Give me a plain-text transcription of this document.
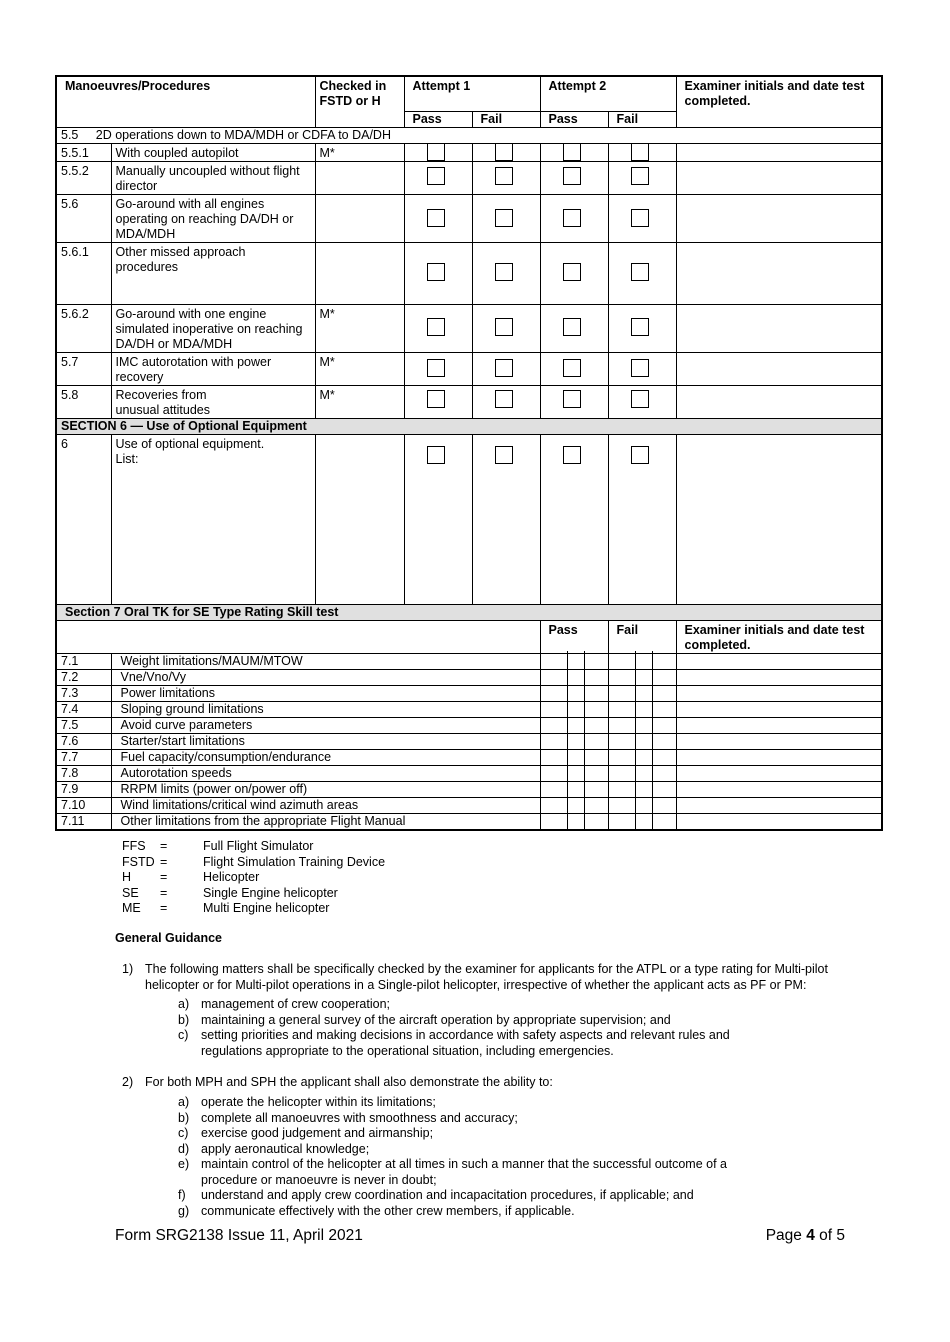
Manoeuvres/Procedures		Checked in FSTD or H	Attempt 1		Attempt 2		Examiner initials and date test completed.
			Pass	Fail	Pass	Fail	
5.5     2D operations down to MDA/MDH or CDFA to DA/DH							
5.5.1	With coupled autopilot	M*	

5.5.2	Manually uncoupled without flight director		

5.6	Go-around with all engines operating on reaching DA/DH or MDA/MDH		

5.6.1	Other missed approach procedures		

5.6.2	Go-around with one engine simulated inoperative on reaching DA/DH or MDA/MDH	M*	

5.7	IMC autorotation with power recovery	M*	

5.8	Recoveries from unusual attitudes	M*	

SECTION 6 — Use of Optional Equipment							
6	Use of optional equipment.
List:						

Section 7 Oral TK for SE Type Rating Skill test							
					Pass	Fail	Examiner initials and date test completed.
7.1	Weight limitations/MAUM/MTOW				

7.2	Vne/Vno/Vy				

7.3	Power limitations				

7.4	Sloping ground limitations				

7.5	Avoid curve parameters				

7.6	Starter/start limitations				

7.7	Fuel capacity/consumption/endurance				

7.8	Autorotation speeds				

7.9	RRPM limits (power on/power off)				

7.10	Wind limitations/critical wind azimuth areas				

7.11	Other limitations from the appropriate Flight Manual				

FFS	=	Full Flight Simulator
FSTD	=	Flight Simulation Training Device
H	=	Helicopter
SE	=	Single Engine helicopter
ME	=	Multi Engine helicopter
General Guidance
1) The following matters shall be specifically checked by the examiner for applicants for the ATPL or a type rating for Multi-pilot helicopter or for Multi-pilot operations in a Single-pilot helicopter, irrespective of whether the applicant acts as PF or PM:
a) management of crew cooperation;
b) maintaining a general survey of the aircraft operation by appropriate supervision; and
c)	setting priorities and making decisions in accordance with safety aspects and relevant rules and regulations appropriate to the operational situation, including emergencies.
2) For both MPH and SPH the applicant shall also demonstrate the ability to:
a) operate the helicopter within its limitations;
b) complete all manoeuvres with smoothness and accuracy;
c)	exercise good judgement and airmanship;
d) apply aeronautical knowledge;
e) maintain control of the helicopter at all times in such a manner that the successful outcome of a procedure or manoeuvre is never in doubt;
f)	understand and apply crew coordination and incapacitation procedures, if applicable; and
g) communicate effectively with the other crew members, if applicable.
Form SRG2138 Issue 11, April 2021	Page 4 of 5
